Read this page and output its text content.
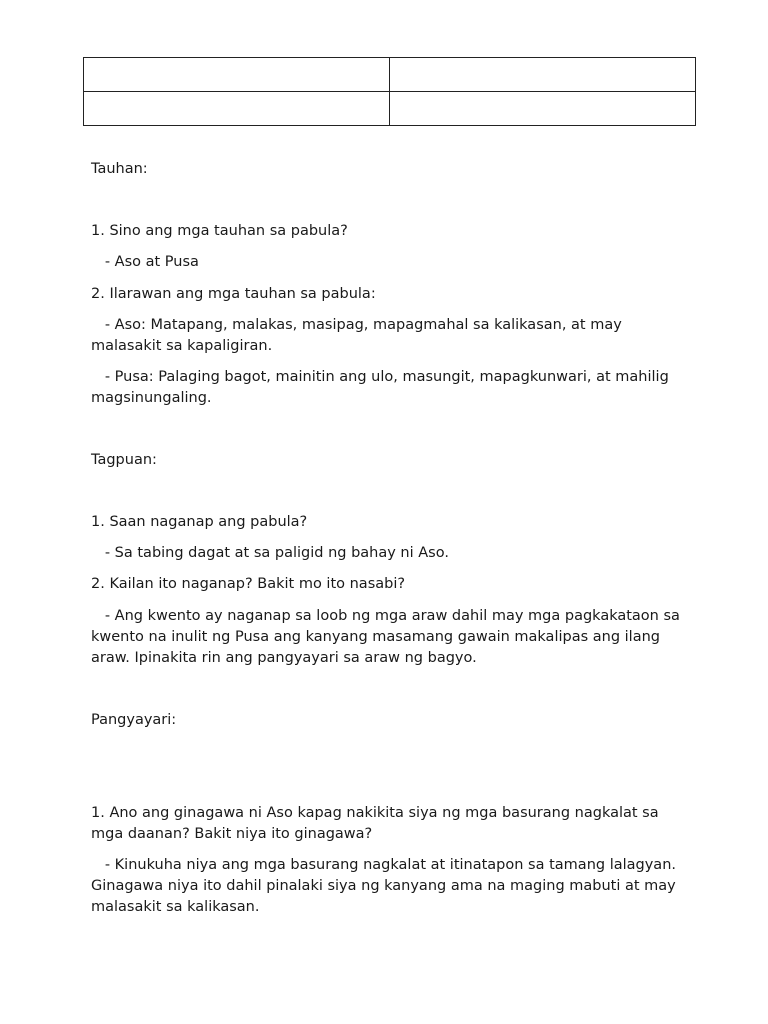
Tauhan:

1. Sino ang mga tauhan sa pabula?

- Aso at Pusa

2. Ilarawan ang mga tauhan sa pabula:

- Aso: Matapang, malakas, masipag, mapagmahal sa kalikasan, at may malasakit sa kapaligiran.

- Pusa: Palaging bagot, mainitin ang ulo, masungit, mapagkunwari, at mahilig magsinungaling.

Tagpuan:

1. Saan naganap ang pabula?

- Sa tabing dagat at sa paligid ng bahay ni Aso.

2. Kailan ito naganap? Bakit mo ito nasabi?

- Ang kwento ay naganap sa loob ng mga araw dahil may mga pagkakataon sa kwento na inulit ng Pusa ang kanyang masamang gawain makalipas ang ilang araw. Ipinakita rin ang pangyayari sa araw ng bagyo.

Pangyayari:

1. Ano ang ginagawa ni Aso kapag nakikita siya ng mga basurang nagkalat sa mga daanan? Bakit niya ito ginagawa?

- Kinukuha niya ang mga basurang nagkalat at itinatapon sa tamang lalagyan. Ginagawa niya ito dahil pinalaki siya ng kanyang ama na maging mabuti at may malasakit sa kalikasan.
